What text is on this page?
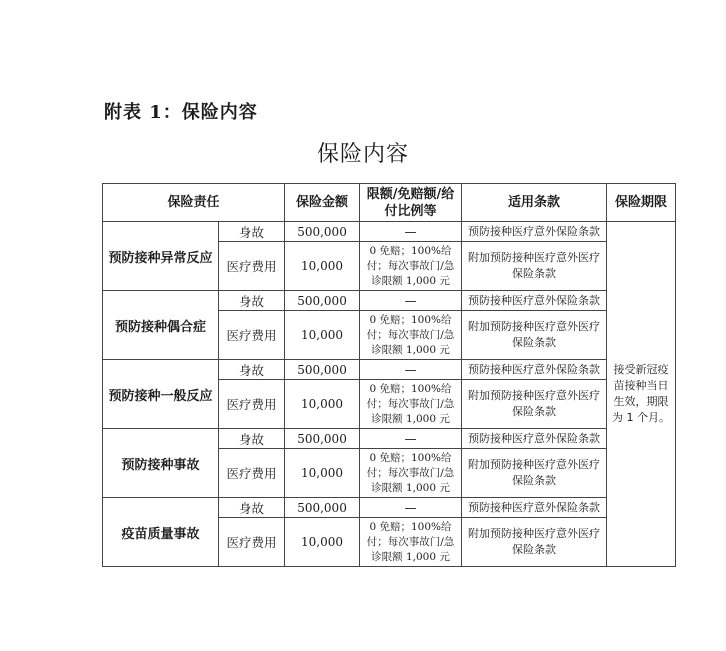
附表 1：保险内容
保险内容
保险责任		保险金额	限额/免赔额/给付比例等	适用条款	保险期限
预防接种异常反应	身故	500,000	—	预防接种医疗意外保险条款	接受新冠疫苗接种当日生效，期限为 1 个月。
	医疗费用	10,000	0 免赔；100%给付；每次事故门/急诊限额 1,000 元	附加预防接种医疗意外医疗保险条款	
预防接种偶合症	身故	500,000	—	预防接种医疗意外保险条款	
	医疗费用	10,000	0 免赔；100%给付；每次事故门/急诊限额 1,000 元	附加预防接种医疗意外医疗保险条款	
预防接种一般反应	身故	500,000	—	预防接种医疗意外保险条款	
	医疗费用	10,000	0 免赔；100%给付；每次事故门/急诊限额 1,000 元	附加预防接种医疗意外医疗保险条款	
预防接种事故	身故	500,000	—	预防接种医疗意外保险条款	
	医疗费用	10,000	0 免赔；100%给付；每次事故门/急诊限额 1,000 元	附加预防接种医疗意外医疗保险条款	
疫苗质量事故	身故	500,000	—	预防接种医疗意外保险条款	
	医疗费用	10,000	0 免赔；100%给付；每次事故门/急诊限额 1,000 元	附加预防接种医疗意外医疗保险条款	
